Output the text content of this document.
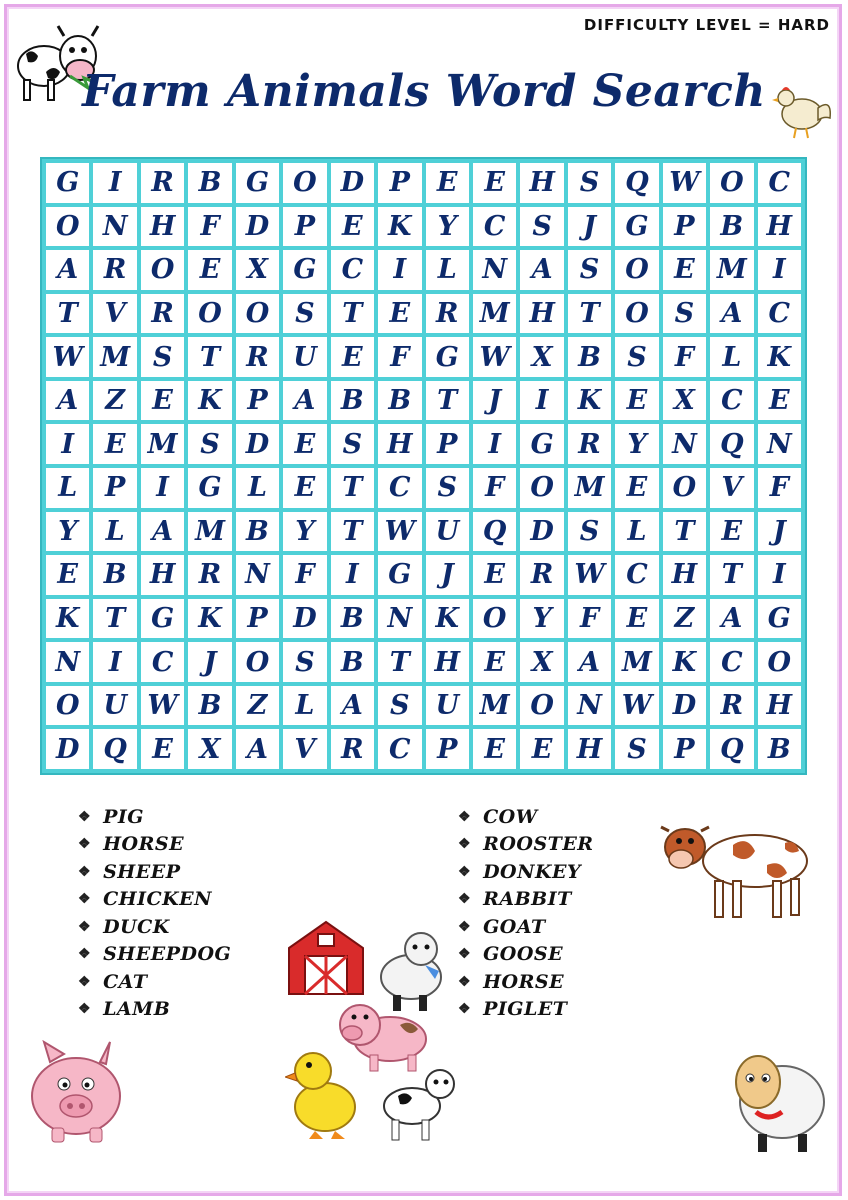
DIFFICULTY LEVEL = HARD
Farm Animals Word Search
G	I	R B G O D P E E H S Q W O C
O N H F D P E K Y	C S	J	G P B H
A R O E X G C	I	L N A	S O E M I
T V R O O S	T	E R M H T O S	A C
W M S	T R U E	F G W X B S	F	L K
A	Z	E K P A B B T	J	I	K E X C E
I	E M S D E	S H P	I	G R Y N Q N
L	P	I	G L	E	T C S	F O M E O V	F
Y	L	A M B Y	T W U Q D S	L	T	E	J
E B H R N F	I	G	J	E R W C H T	I
K T G K P D B N K O Y	F	E	Z	A G
N	I	C	J	O S B T H E X A M K C O
O U W B Z	L	A	S U M O N W D R H
D Q E X A V R C P E E H S	P Q B
❖ PIG
❖ HORSE
❖ SHEEP
❖ CHICKEN
❖ DUCK
❖ SHEEPDOG
❖ CAT
❖ LAMB
❖ COW
❖ ROOSTER
❖ DONKEY
❖ RABBIT
❖ GOAT
❖ GOOSE
❖ HORSE
❖ PIGLET
